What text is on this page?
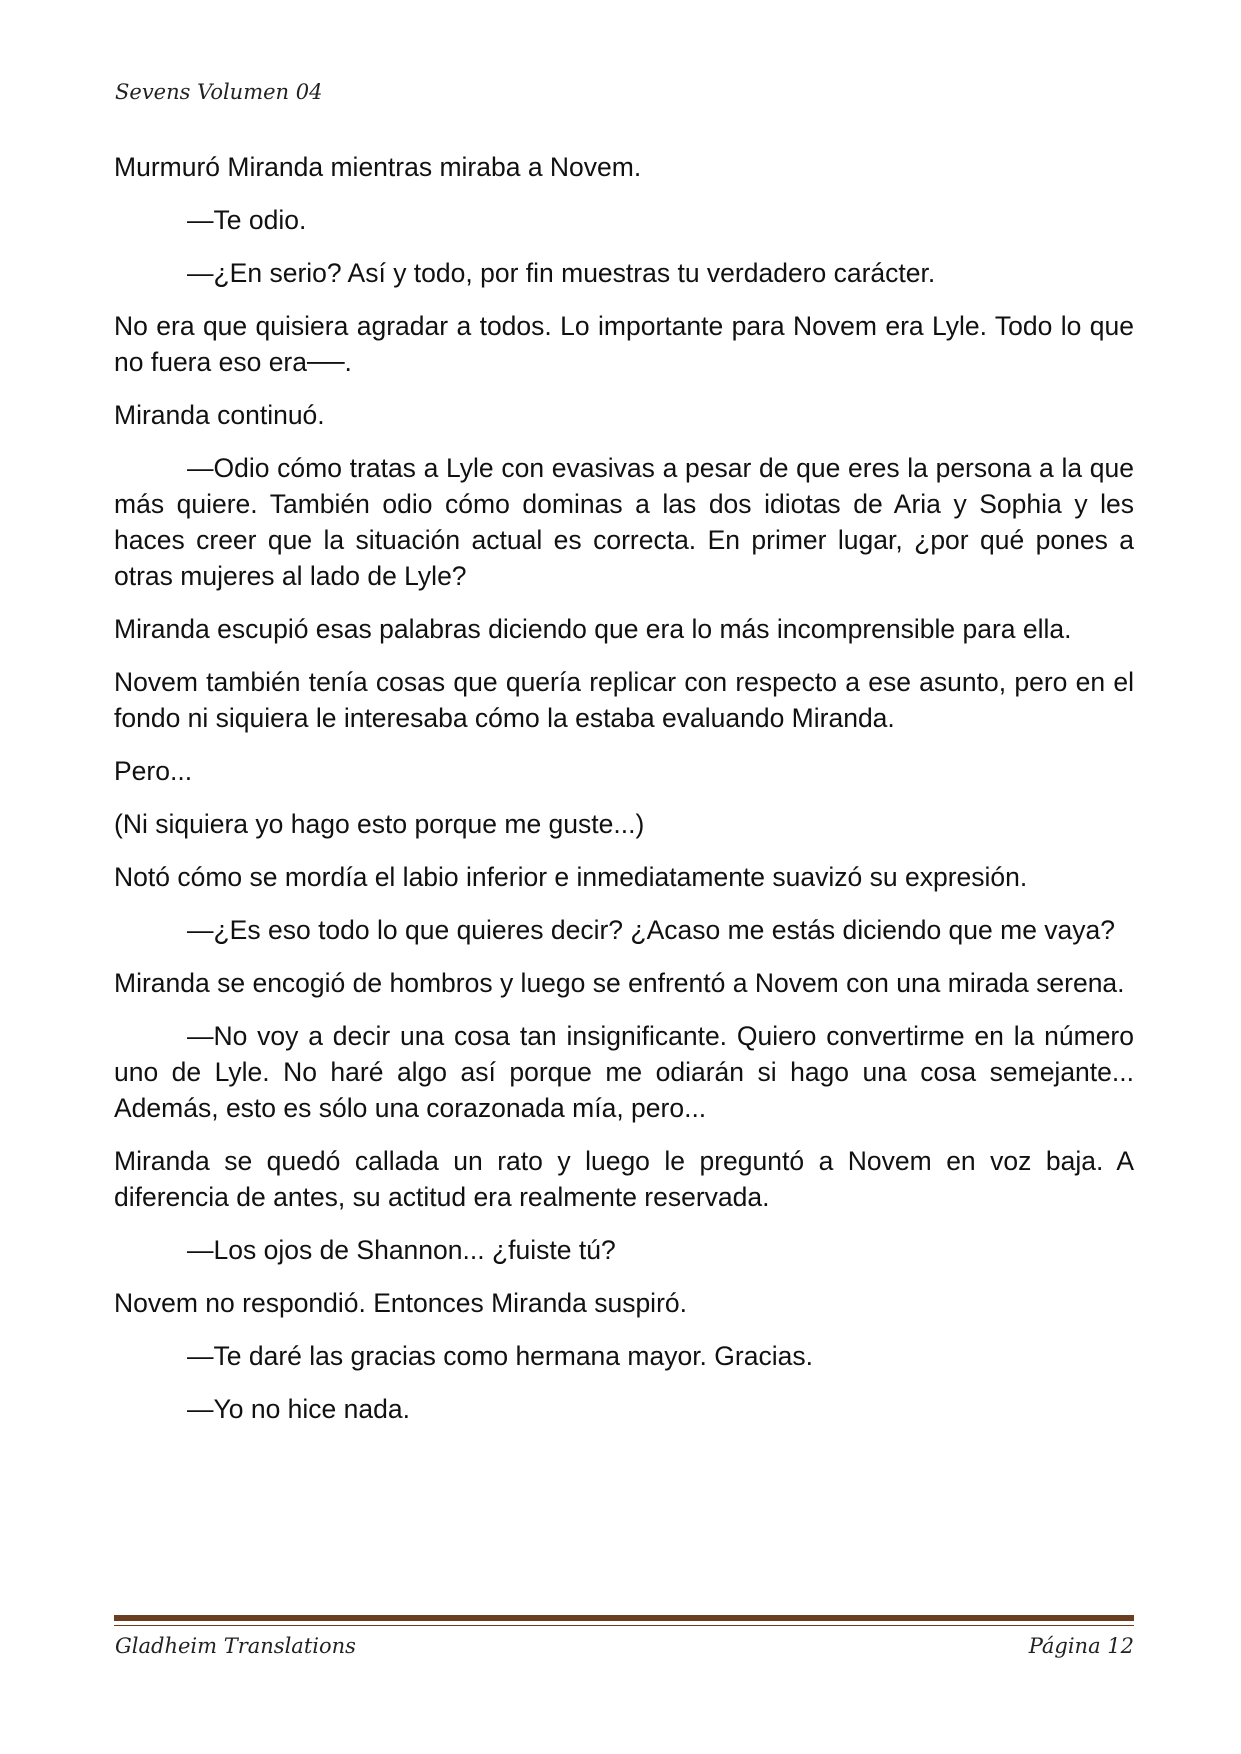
Sevens Volumen 04

Murmuró Miranda mientras miraba a Novem.

—Te odio.

—¿En serio? Así y todo, por fin muestras tu verdadero carácter.

No era que quisiera agradar a todos. Lo importante para Novem era Lyle. Todo lo que no fuera eso era──.

Miranda continuó.

—Odio cómo tratas a Lyle con evasivas a pesar de que eres la persona a la que más quiere. También odio cómo dominas a las dos idiotas de Aria y Sophia y les haces creer que la situación actual es correcta. En primer lugar, ¿por qué pones a otras mujeres al lado de Lyle?

Miranda escupió esas palabras diciendo que era lo más incomprensible para ella.

Novem también tenía cosas que quería replicar con respecto a ese asunto, pero en el fondo ni siquiera le interesaba cómo la estaba evaluando Miranda.

Pero...

(Ni siquiera yo hago esto porque me guste...)

Notó cómo se mordía el labio inferior e inmediatamente suavizó su expresión.

—¿Es eso todo lo que quieres decir? ¿Acaso me estás diciendo que me vaya?

Miranda se encogió de hombros y luego se enfrentó a Novem con una mirada serena.

—No voy a decir una cosa tan insignificante. Quiero convertirme en la número uno de Lyle. No haré algo así porque me odiarán si hago una cosa semejante... Además, esto es sólo una corazonada mía, pero...

Miranda se quedó callada un rato y luego le preguntó a Novem en voz baja. A diferencia de antes, su actitud era realmente reservada.

—Los ojos de Shannon... ¿fuiste tú?

Novem no respondió. Entonces Miranda suspiró.

—Te daré las gracias como hermana mayor. Gracias.

—Yo no hice nada.

Gladheim Translations	Página 12
